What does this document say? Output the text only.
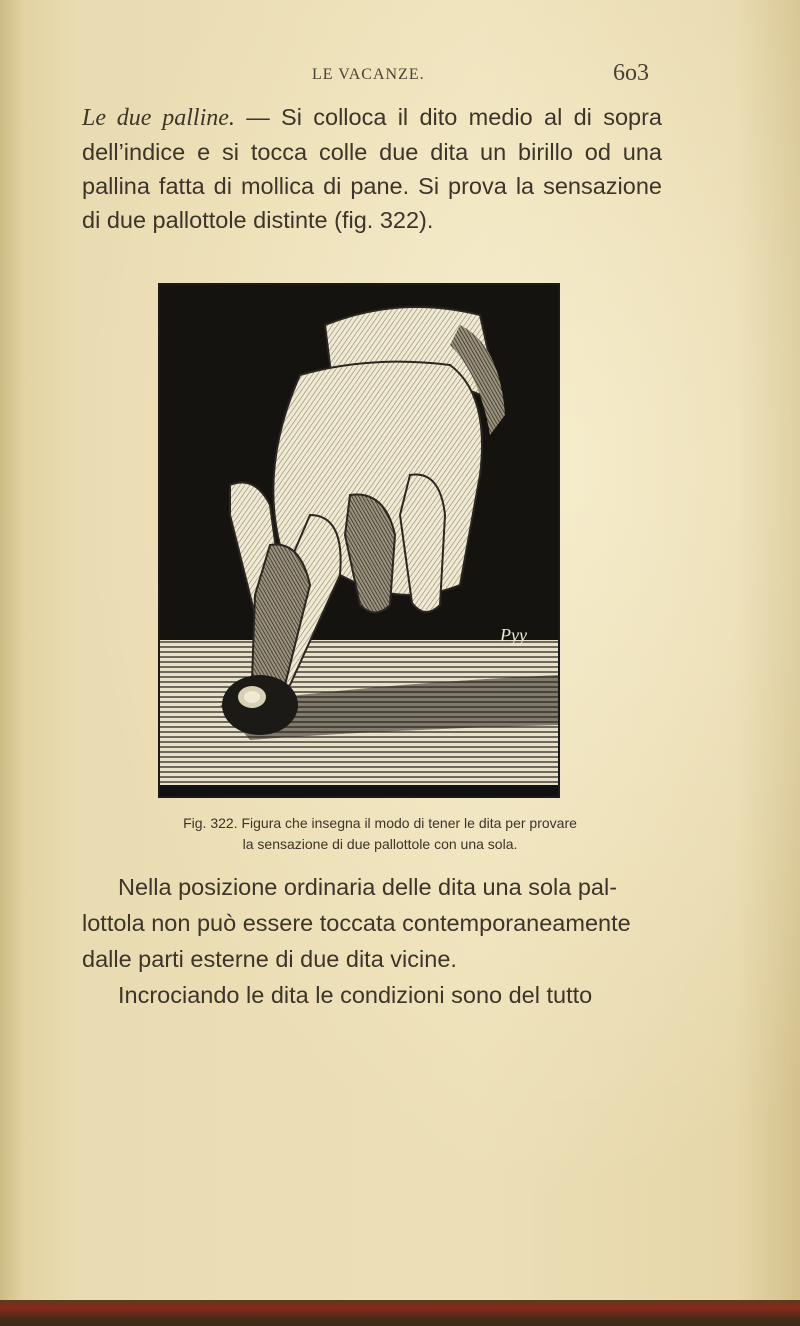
LE VACANZE.	6o3
Le due palline. — Si colloca il dito medio al di sopra dell’indice e si tocca colle due dita un birillo od una pallina fatta di mollica di pane. Si prova la sensazione di due pallottole distinte (fig. 322).
Pyy
Fig. 322. Figura che insegna il modo di tener le dita per provare
la sensazione di due pallottole con una sola.
Nella posizione ordinaria delle dita una sola pal-
lottola non può essere toccata contemporaneamente
dalle parti esterne di due dita vicine.
Incrociando le dita le condizioni sono del tutto
